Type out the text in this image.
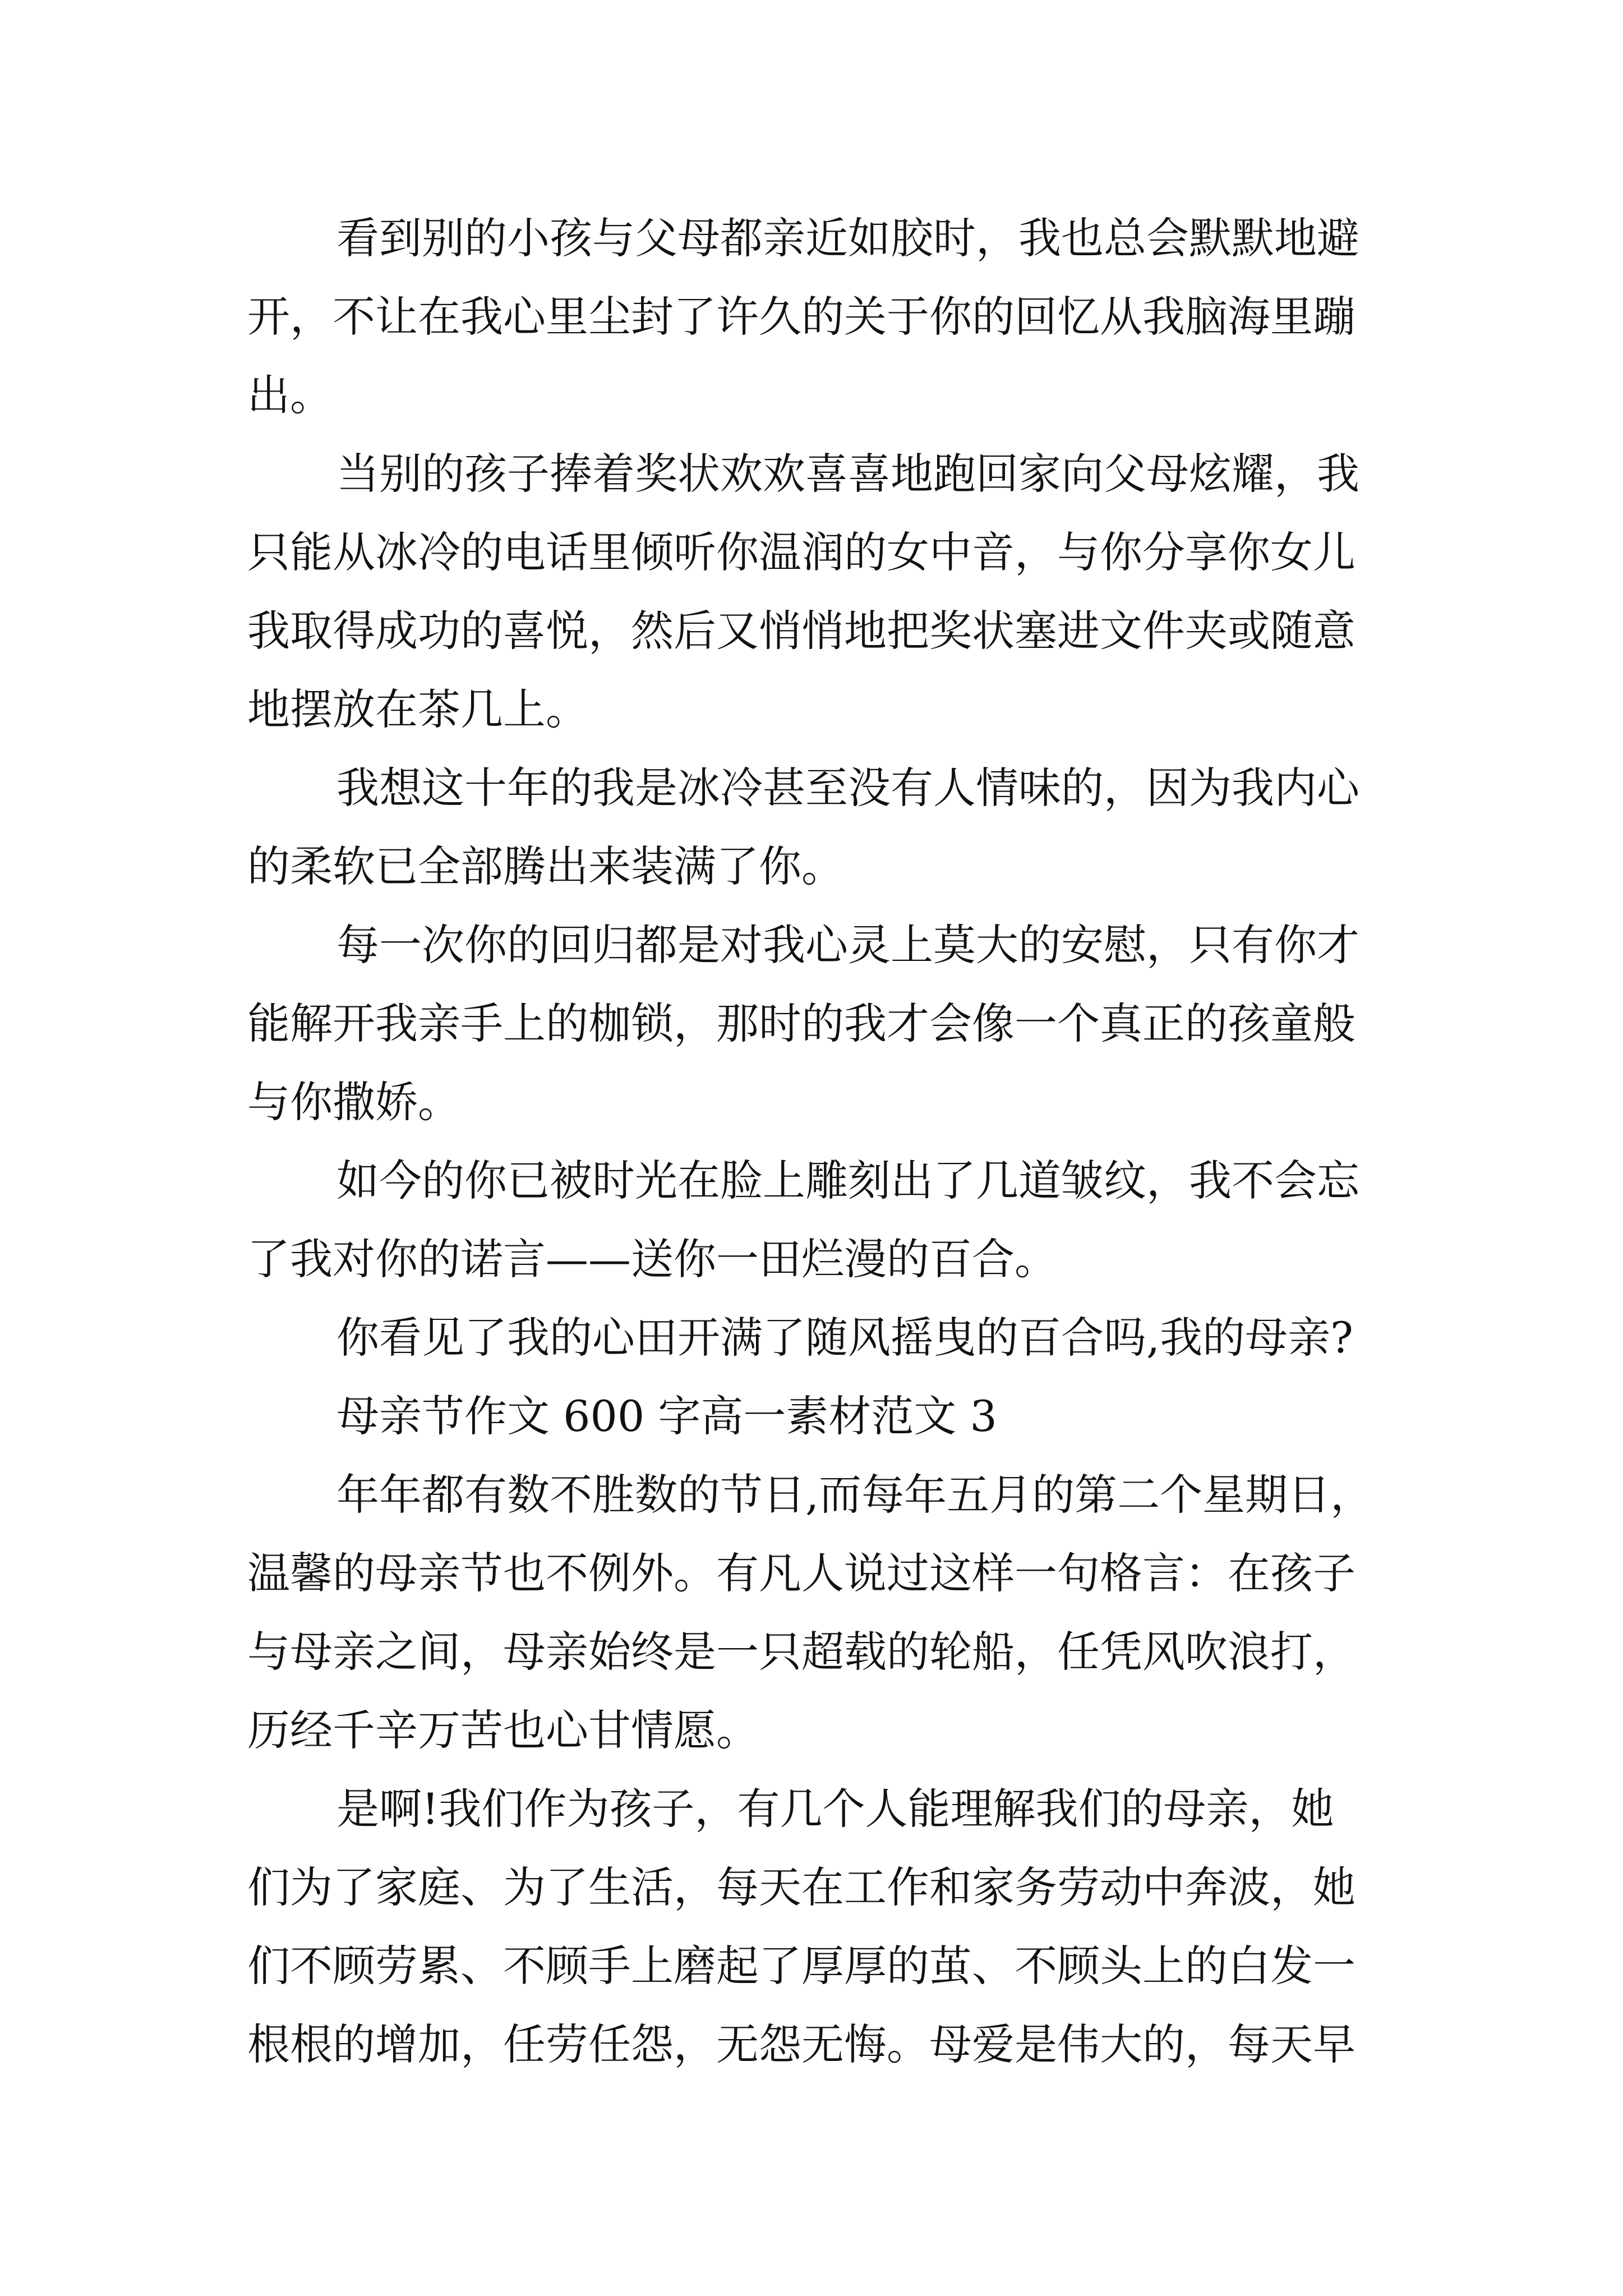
看到别的小孩与父母都亲近如胶时，我也总会默默地避

开，不让在我心里尘封了许久的关于你的回忆从我脑海里蹦

出。

当别的孩子捧着奖状欢欢喜喜地跑回家向父母炫耀，我

只能从冰冷的电话里倾听你温润的女中音，与你分享你女儿

我取得成功的喜悦，然后又悄悄地把奖状塞进文件夹或随意

地摆放在茶几上。

我想这十年的我是冰冷甚至没有人情味的，因为我内心

的柔软已全部腾出来装满了你。

每一次你的回归都是对我心灵上莫大的安慰，只有你才

能解开我亲手上的枷锁，那时的我才会像一个真正的孩童般

与你撒娇。

如今的你已被时光在脸上雕刻出了几道皱纹，我不会忘

了我对你的诺言——送你一田烂漫的百合。

你看见了我的心田开满了随风摇曳的百合吗,我的母亲?

母亲节作文 600 字高一素材范文 3

年年都有数不胜数的节日,而每年五月的第二个星期日，

温馨的母亲节也不例外。有凡人说过这样一句格言：在孩子

与母亲之间，母亲始终是一只超载的轮船，任凭风吹浪打，

历经千辛万苦也心甘情愿。

是啊!我们作为孩子，有几个人能理解我们的母亲，她

们为了家庭、为了生活，每天在工作和家务劳动中奔波，她

们不顾劳累、不顾手上磨起了厚厚的茧、不顾头上的白发一

根根的增加，任劳任怨，无怨无悔。母爱是伟大的，每天早
